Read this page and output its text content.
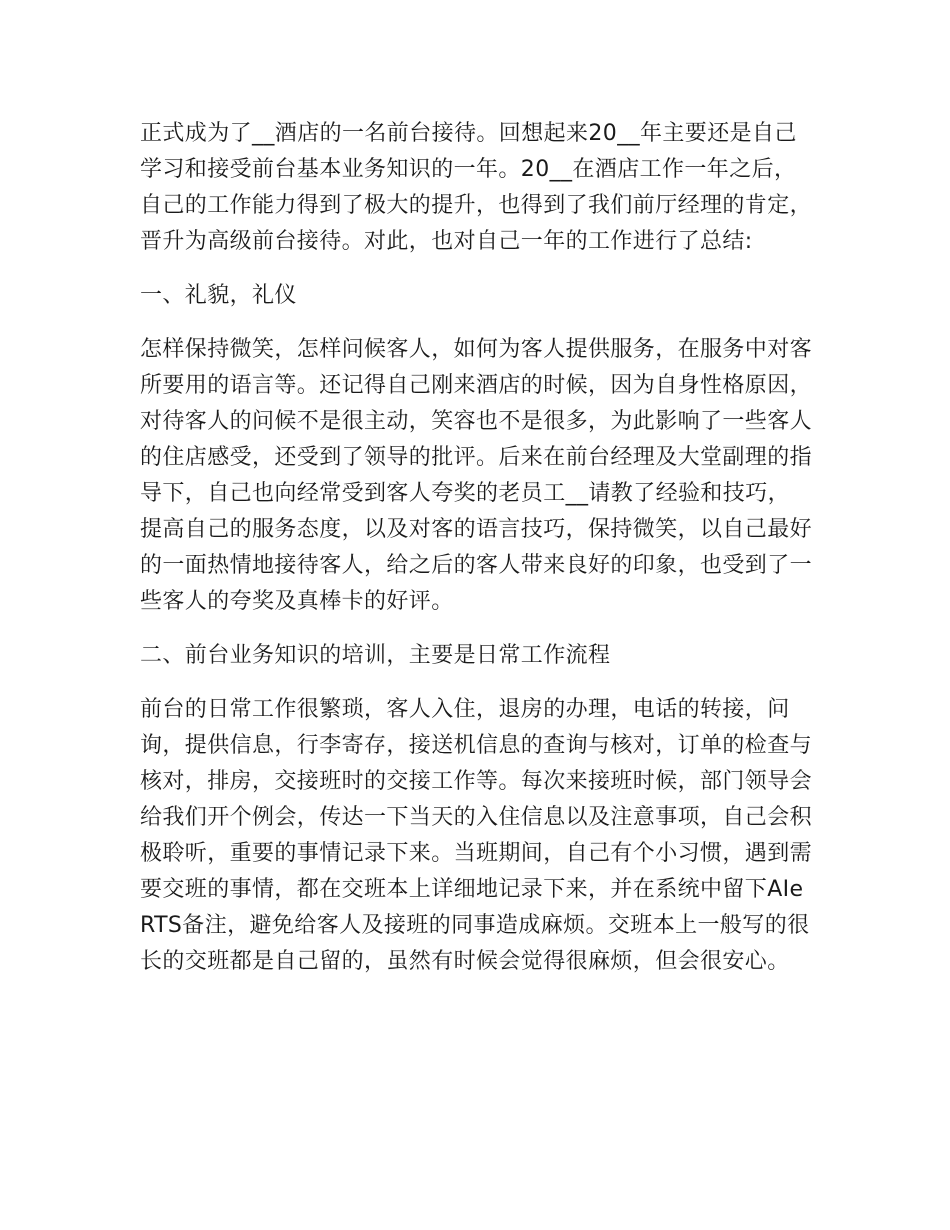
正式成为了__酒店的一名前台接待。回想起来20__年主要还是自己学习和接受前台基本业务知识的一年。20__在酒店工作一年之后，自己的工作能力得到了极大的提升，也得到了我们前厅经理的肯定，晋升为高级前台接待。对此，也对自己一年的工作进行了总结:

一、礼貌，礼仪

怎样保持微笑，怎样问候客人，如何为客人提供服务，在服务中对客所要用的语言等。还记得自己刚来酒店的时候，因为自身性格原因，对待客人的问候不是很主动，笑容也不是很多，为此影响了一些客人的住店感受，还受到了领导的批评。后来在前台经理及大堂副理的指导下，自己也向经常受到客人夸奖的老员工__请教了经验和技巧，提高自己的服务态度，以及对客的语言技巧，保持微笑，以自己最好的一面热情地接待客人，给之后的客人带来良好的印象，也受到了一些客人的夸奖及真棒卡的好评。

二、前台业务知识的培训，主要是日常工作流程

前台的日常工作很繁琐，客人入住，退房的办理，电话的转接，问询，提供信息，行李寄存，接送机信息的查询与核对，订单的检查与核对，排房，交接班时的交接工作等。每次来接班时候，部门领导会给我们开个例会，传达一下当天的入住信息以及注意事项，自己会积极聆听，重要的事情记录下来。当班期间，自己有个小习惯，遇到需要交班的事情，都在交班本上详细地记录下来，并在系统中留下AIeRTS备注，避免给客人及接班的同事造成麻烦。交班本上一般写的很长的交班都是自己留的，虽然有时候会觉得很麻烦，但会很安心。
